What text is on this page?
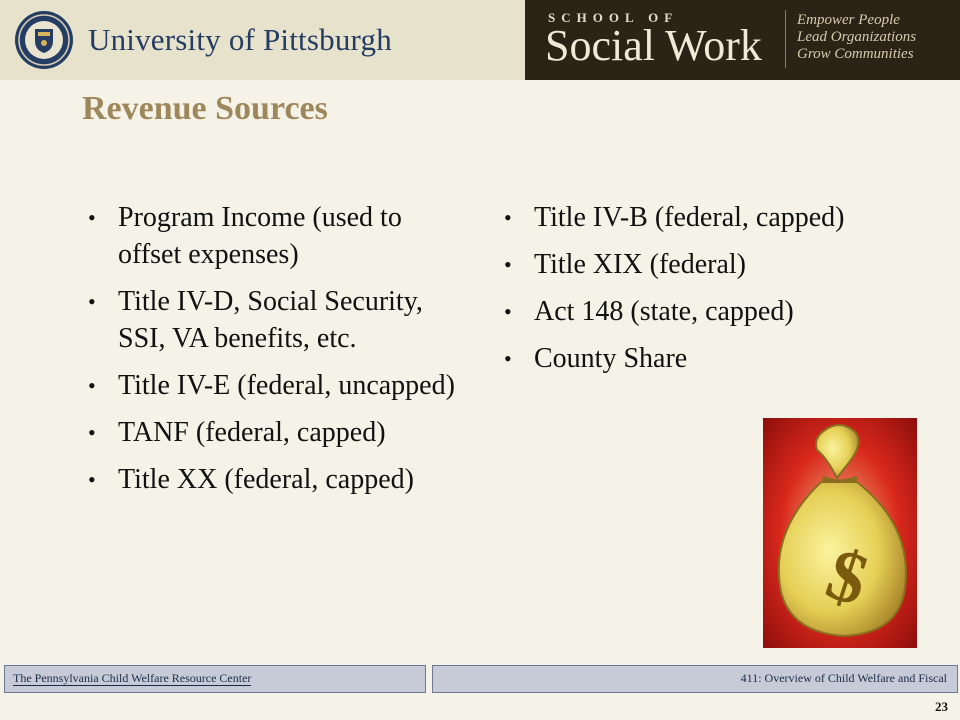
University of Pittsburgh
SCHOOL OF
Social Work
Empower People
Lead Organizations
Grow Communities
Revenue Sources
• Program Income (used to offset expenses)
• Title IV-D, Social Security, SSI, VA benefits, etc.
• Title IV-E (federal, uncapped)
• TANF (federal, capped)
• Title XX (federal, capped)
• Title IV-B (federal, capped)
• Title XIX (federal)
• Act 148 (state, capped)
• County Share
$
The Pennsylvania Child Welfare Resource Center	411: Overview of Child Welfare and Fiscal
23
